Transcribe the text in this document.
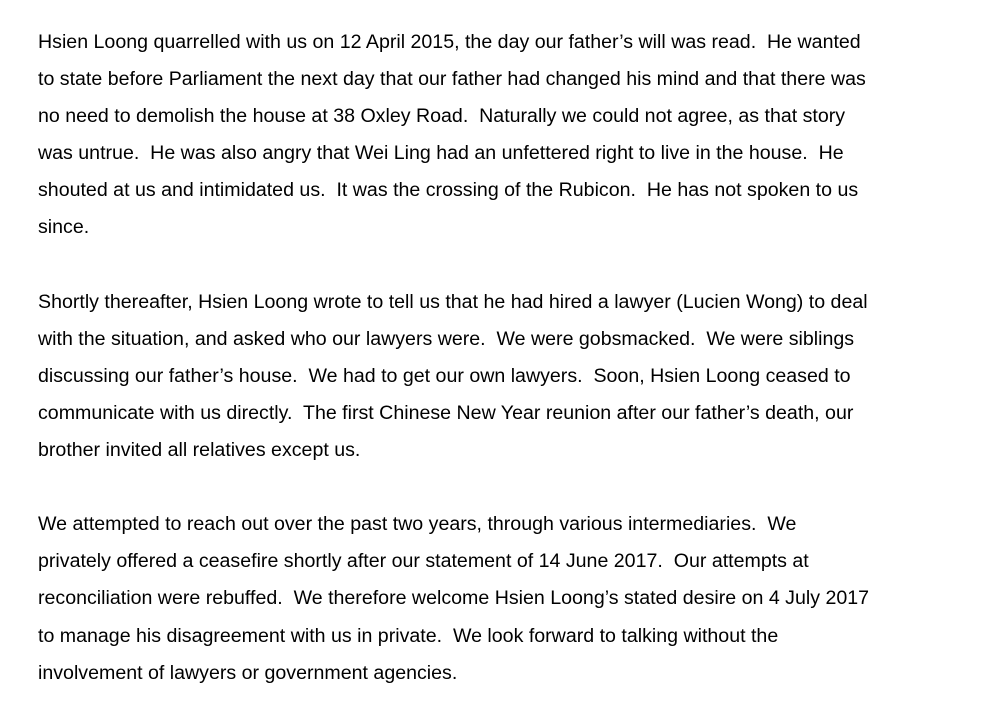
Hsien Loong quarrelled with us on 12 April 2015, the day our father’s will was read.  He wanted

to state before Parliament the next day that our father had changed his mind and that there was

no need to demolish the house at 38 Oxley Road.  Naturally we could not agree, as that story

was untrue.  He was also angry that Wei Ling had an unfettered right to live in the house.  He

shouted at us and intimidated us.  It was the crossing of the Rubicon.  He has not spoken to us

since.

Shortly thereafter, Hsien Loong wrote to tell us that he had hired a lawyer (Lucien Wong) to deal

with the situation, and asked who our lawyers were.  We were gobsmacked.  We were siblings

discussing our father’s house.  We had to get our own lawyers.  Soon, Hsien Loong ceased to

communicate with us directly.  The first Chinese New Year reunion after our father’s death, our

brother invited all relatives except us.

We attempted to reach out over the past two years, through various intermediaries.  We

privately offered a ceasefire shortly after our statement of 14 June 2017.  Our attempts at

reconciliation were rebuffed.  We therefore welcome Hsien Loong’s stated desire on 4 July 2017

to manage his disagreement with us in private.  We look forward to talking without the

involvement of lawyers or government agencies.
